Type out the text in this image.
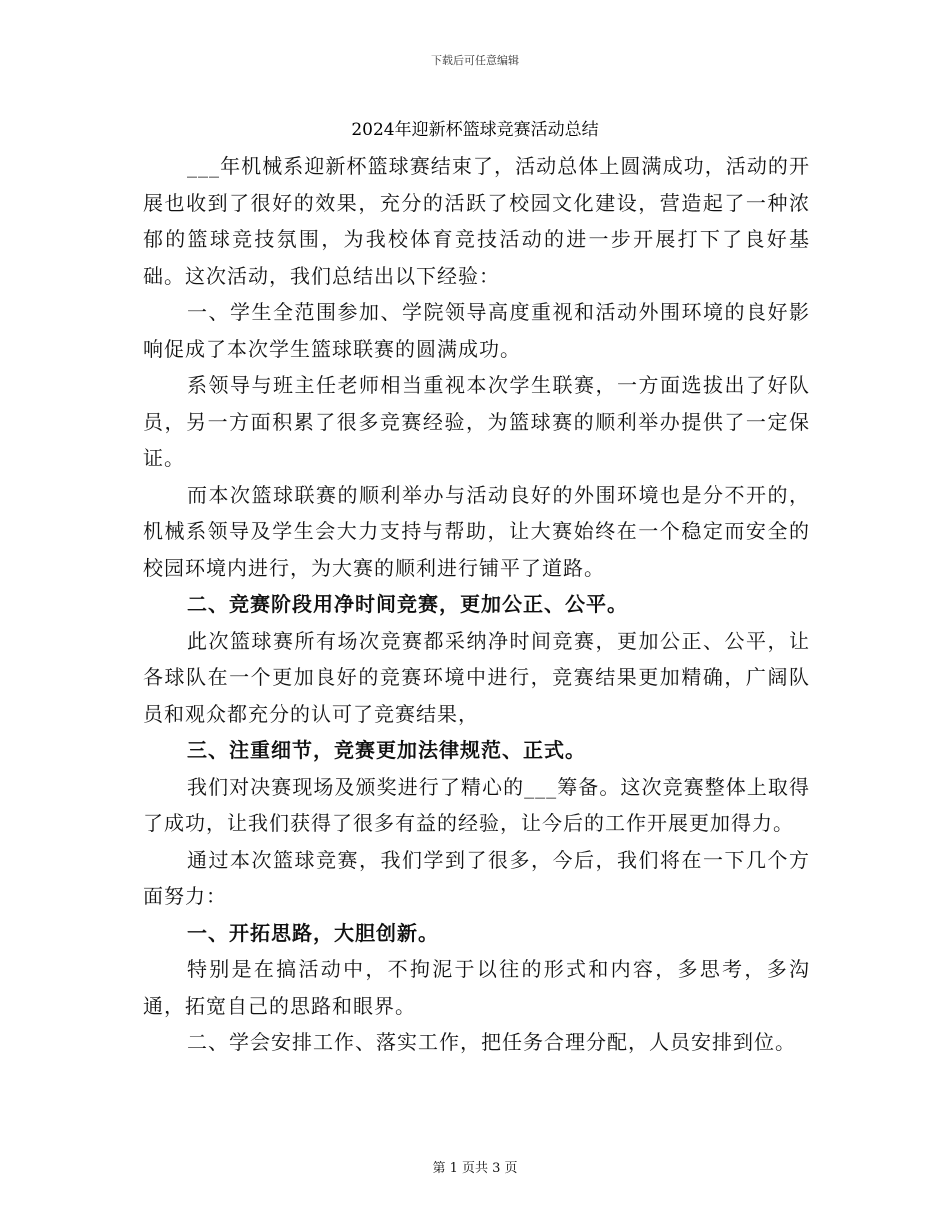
下载后可任意编辑
2024年迎新杯篮球竞赛活动总结

___年机械系迎新杯篮球赛结束了，活动总体上圆满成功，活动的开展也收到了很好的效果，充分的活跃了校园文化建设，营造起了一种浓郁的篮球竞技氛围，为我校体育竞技活动的进一步开展打下了良好基础。这次活动，我们总结出以下经验：

一、学生全范围参加、学院领导高度重视和活动外围环境的良好影响促成了本次学生篮球联赛的圆满成功。

系领导与班主任老师相当重视本次学生联赛，一方面选拔出了好队员，另一方面积累了很多竞赛经验，为篮球赛的顺利举办提供了一定保证。

而本次篮球联赛的顺利举办与活动良好的外围环境也是分不开的，机械系领导及学生会大力支持与帮助，让大赛始终在一个稳定而安全的校园环境内进行，为大赛的顺利进行铺平了道路。

二、竞赛阶段用净时间竞赛，更加公正、公平。

此次篮球赛所有场次竞赛都采纳净时间竞赛，更加公正、公平，让各球队在一个更加良好的竞赛环境中进行，竞赛结果更加精确，广阔队员和观众都充分的认可了竞赛结果，

三、注重细节，竞赛更加法律规范、正式。

我们对决赛现场及颁奖进行了精心的___筹备。这次竞赛整体上取得了成功，让我们获得了很多有益的经验，让今后的工作开展更加得力。

通过本次篮球竞赛，我们学到了很多，今后，我们将在一下几个方面努力：

一、开拓思路，大胆创新。

特别是在搞活动中，不拘泥于以往的形式和内容，多思考，多沟通，拓宽自己的思路和眼界。

二、学会安排工作、落实工作，把任务合理分配，人员安排到位。

第 1 页共 3 页
